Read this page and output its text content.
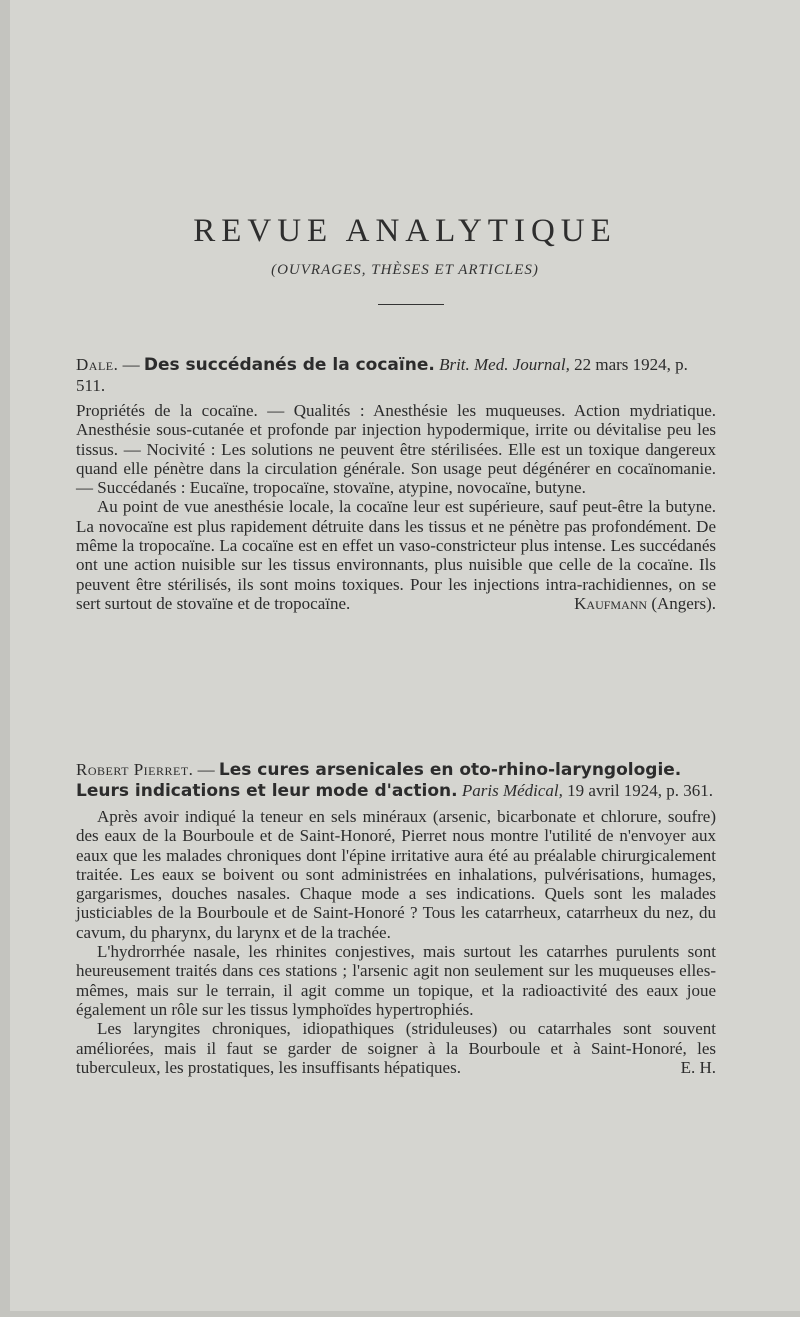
REVUE ANALYTIQUE
(OUVRAGES, THÈSES ET ARTICLES)

Dale. — Des succédanés de la cocaïne. Brit. Med. Journal, 22 mars 1924, p. 511.

Propriétés de la cocaïne. — Qualités : Anesthésie les muqueuses. Action mydriatique. Anesthésie sous-cutanée et profonde par injection hypodermique, irrite ou dévitalise peu les tissus. — Nocivité : Les solutions ne peuvent être stérilisées. Elle est un toxique dangereux quand elle pénètre dans la circulation générale. Son usage peut dégénérer en cocaïnomanie. — Succédanés : Eucaïne, tropocaïne, stovaïne, atypine, novocaïne, butyne.

Au point de vue anesthésie locale, la cocaïne leur est supérieure, sauf peut-être la butyne. La novocaïne est plus rapidement détruite dans les tissus et ne pénètre pas profondément. De même la tropocaïne. La cocaïne est en effet un vaso-constricteur plus intense. Les succédanés ont une action nuisible sur les tissus environnants, plus nuisible que celle de la cocaïne. Ils peuvent être stérilisés, ils sont moins toxiques. Pour les injections intra-rachidiennes, on se sert surtout de stovaïne et de tropocaïne.	Kaufmann (Angers).

Robert Pierret. — Les cures arsenicales en oto-rhino-laryngologie. Leurs indications et leur mode d'action. Paris Médical, 19 avril 1924, p. 361.

Après avoir indiqué la teneur en sels minéraux (arsenic, bicarbonate et chlorure, soufre) des eaux de la Bourboule et de Saint-Honoré, Pierret nous montre l'utilité de n'envoyer aux eaux que les malades chroniques dont l'épine irritative aura été au préalable chirurgicalement traitée. Les eaux se boivent ou sont administrées en inhalations, pulvérisations, humages, gargarismes, douches nasales. Chaque mode a ses indications. Quels sont les malades justiciables de la Bourboule et de Saint-Honoré ? Tous les catarrheux, catarrheux du nez, du cavum, du pharynx, du larynx et de la trachée.

L'hydrorrhée nasale, les rhinites conjestives, mais surtout les catarrhes purulents sont heureusement traités dans ces stations ; l'arsenic agit non seulement sur les muqueuses elles-mêmes, mais sur le terrain, il agit comme un topique, et la radioactivité des eaux joue également un rôle sur les tissus lymphoïdes hypertrophiés.

Les laryngites chroniques, idiopathiques (striduleuses) ou catarrhales sont souvent améliorées, mais il faut se garder de soigner à la Bourboule et à Saint-Honoré, les tuberculeux, les prostatiques, les insuffisants hépatiques.	E. H.
